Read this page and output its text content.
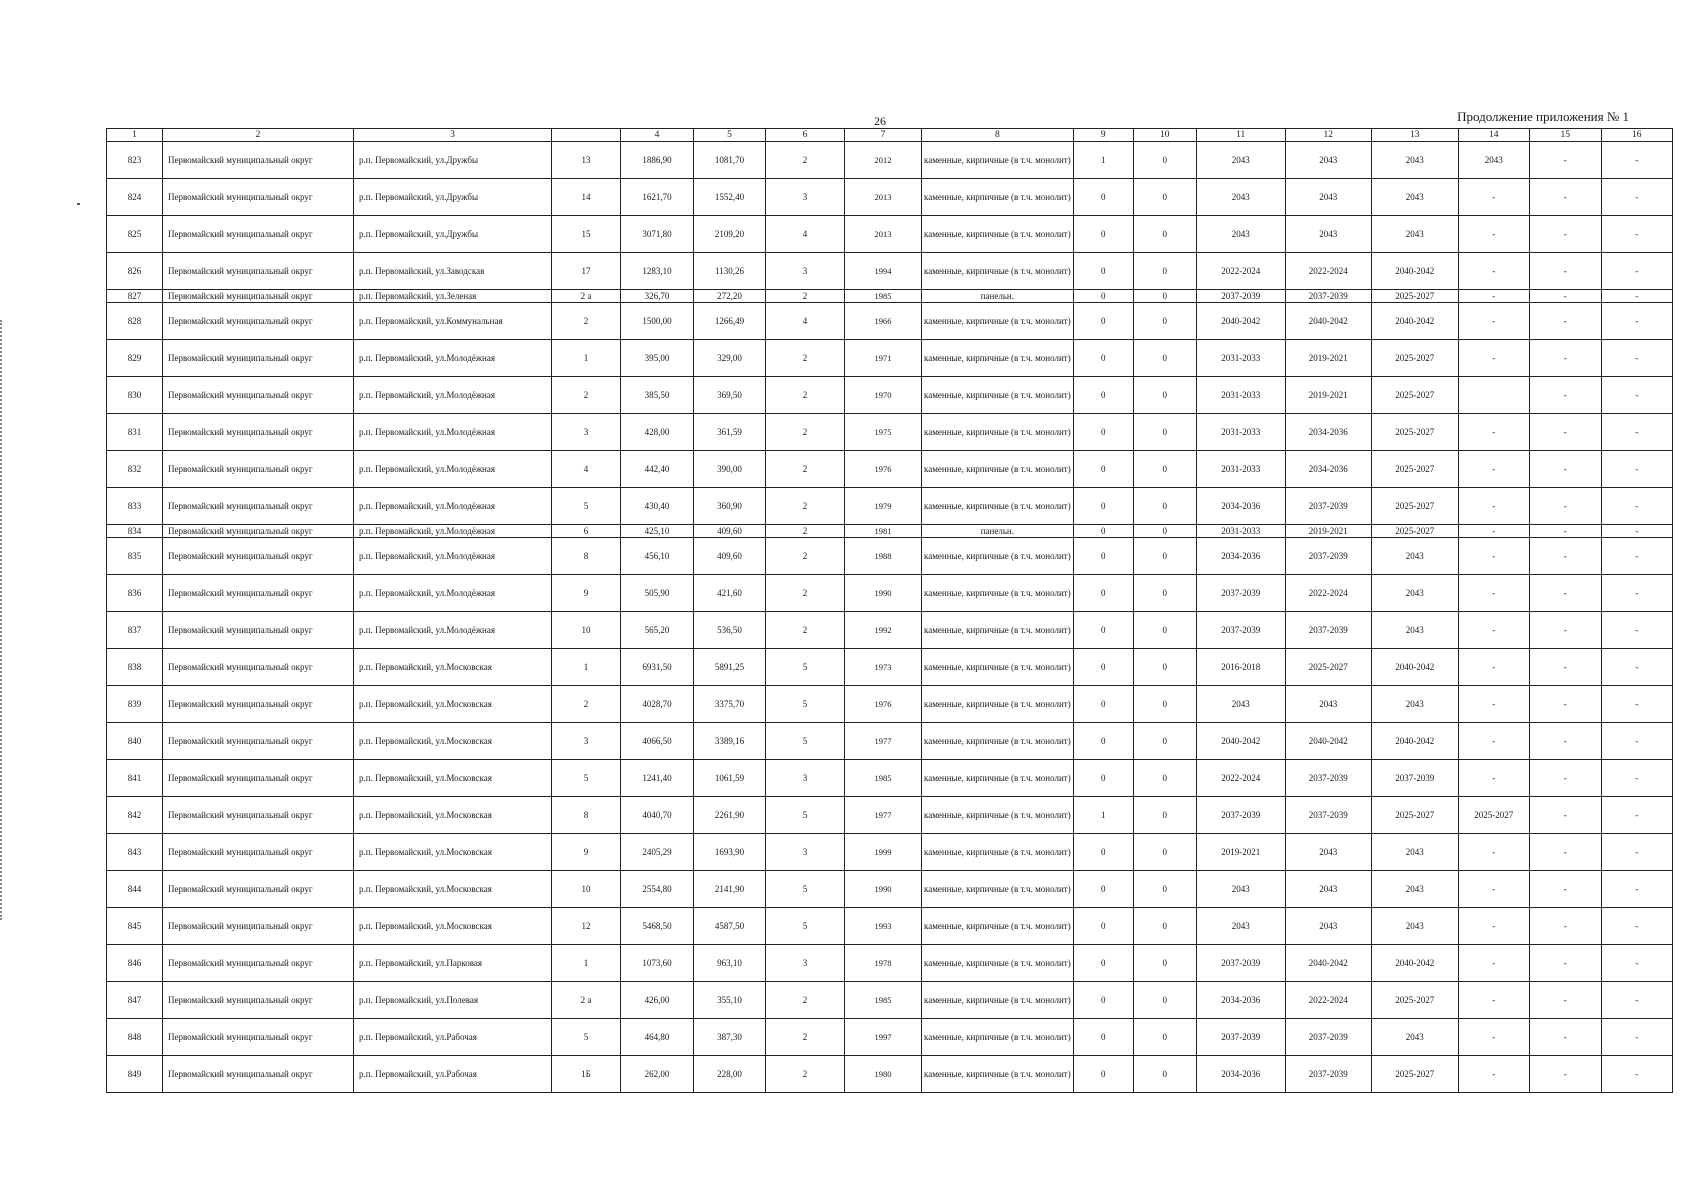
26	Продолжение приложения № 1
1	2	3		4	5	6	7	8	9	10	11	12	13	14	15	16
823	Первомайский муниципальный округ	р.п. Первомайский, ул.Дружбы	13	1886,90	1081,70	2	2012	каменные, кирпичные (в т.ч. монолит)	1	0	2043	2043	2043	2043	-	-
824	Первомайский муниципальный округ	р.п. Первомайский, ул.Дружбы	14	1621,70	1552,40	3	2013	каменные, кирпичные (в т.ч. монолит)	0	0	2043	2043	2043	-	-	-
825	Первомайский муниципальный округ	р.п. Первомайский, ул.Дружбы	15	3071,80	2109,20	4	2013	каменные, кирпичные (в т.ч. монолит)	0	0	2043	2043	2043	-	-	-
826	Первомайский муниципальный округ	р.п. Первомайский, ул.Заводская	17	1283,10	1130,26	3	1994	каменные, кирпичные (в т.ч. монолит)	0	0	2022-2024	2022-2024	2040-2042	-	-	-
827	Первомайский муниципальный округ	р.п. Первомайский, ул.Зеленая	2 а	326,70	272,20	2	1985	панельн.	0	0	2037-2039	2037-2039	2025-2027	-	-	-
828	Первомайский муниципальный округ	р.п. Первомайский, ул.Коммунальная	2	1500,00	1266,49	4	1966	каменные, кирпичные (в т.ч. монолит)	0	0	2040-2042	2040-2042	2040-2042	-	-	-
829	Первомайский муниципальный округ	р.п. Первомайский, ул.Молодёжная	1	395,00	329,00	2	1971	каменные, кирпичные (в т.ч. монолит)	0	0	2031-2033	2019-2021	2025-2027	-	-	-
830	Первомайский муниципальный округ	р.п. Первомайский, ул.Молодёжная	2	385,50	369,50	2	1970	каменные, кирпичные (в т.ч. монолит)	0	0	2031-2033	2019-2021	2025-2027		-	-
831	Первомайский муниципальный округ	р.п. Первомайский, ул.Молодёжная	3	428,00	361,59	2	1975	каменные, кирпичные (в т.ч. монолит)	0	0	2031-2033	2034-2036	2025-2027	-	-	-
832	Первомайский муниципальный округ	р.п. Первомайский, ул.Молодёжная	4	442,40	390,00	2	1976	каменные, кирпичные (в т.ч. монолит)	0	0	2031-2033	2034-2036	2025-2027	-	-	-
833	Первомайский муниципальный округ	р.п. Первомайский, ул.Молодёжная	5	430,40	360,90	2	1979	каменные, кирпичные (в т.ч. монолит)	0	0	2034-2036	2037-2039	2025-2027	-	-	-
834	Первомайский муниципальный округ	р.п. Первомайский, ул.Молодёжная	6	425,10	409,60	2	1981	панельн.	0	0	2031-2033	2019-2021	2025-2027	-	-	-
835	Первомайский муниципальный округ	р.п. Первомайский, ул.Молодёжная	8	456,10	409,60	2	1988	каменные, кирпичные (в т.ч. монолит)	0	0	2034-2036	2037-2039	2043	-	-	-
836	Первомайский муниципальный округ	р.п. Первомайский, ул.Молодёжная	9	505,90	421,60	2	1990	каменные, кирпичные (в т.ч. монолит)	0	0	2037-2039	2022-2024	2043	-	-	-
837	Первомайский муниципальный округ	р.п. Первомайский, ул.Молодёжная	10	565,20	536,50	2	1992	каменные, кирпичные (в т.ч. монолит)	0	0	2037-2039	2037-2039	2043	-	-	-
838	Первомайский муниципальный округ	р.п. Первомайский, ул.Московская	1	6931,50	5891,25	5	1973	каменные, кирпичные (в т.ч. монолит)	0	0	2016-2018	2025-2027	2040-2042	-	-	-
839	Первомайский муниципальный округ	р.п. Первомайский, ул.Московская	2	4028,70	3375,70	5	1976	каменные, кирпичные (в т.ч. монолит)	0	0	2043	2043	2043	-	-	-
840	Первомайский муниципальный округ	р.п. Первомайский, ул.Московская	3	4066,50	3389,16	5	1977	каменные, кирпичные (в т.ч. монолит)	0	0	2040-2042	2040-2042	2040-2042	-	-	-
841	Первомайский муниципальный округ	р.п. Первомайский, ул.Московская	5	1241,40	1061,59	3	1985	каменные, кирпичные (в т.ч. монолит)	0	0	2022-2024	2037-2039	2037-2039	-	-	-
842	Первомайский муниципальный округ	р.п. Первомайский, ул.Московская	8	4040,70	2261,90	5	1977	каменные, кирпичные (в т.ч. монолит)	1	0	2037-2039	2037-2039	2025-2027	2025-2027	-	-
843	Первомайский муниципальный округ	р.п. Первомайский, ул.Московская	9	2405,29	1693,90	3	1999	каменные, кирпичные (в т.ч. монолит)	0	0	2019-2021	2043	2043	-	-	-
844	Первомайский муниципальный округ	р.п. Первомайский, ул.Московская	10	2554,80	2141,90	5	1990	каменные, кирпичные (в т.ч. монолит)	0	0	2043	2043	2043	-	-	-
845	Первомайский муниципальный округ	р.п. Первомайский, ул.Московская	12	5468,50	4587,50	5	1993	каменные, кирпичные (в т.ч. монолит)	0	0	2043	2043	2043	-	-	-
846	Первомайский муниципальный округ	р.п. Первомайский, ул.Парковая	1	1073,60	963,10	3	1978	каменные, кирпичные (в т.ч. монолит)	0	0	2037-2039	2040-2042	2040-2042	-	-	-
847	Первомайский муниципальный округ	р.п. Первомайский, ул.Полевая	2 а	426,00	355,10	2	1985	каменные, кирпичные (в т.ч. монолит)	0	0	2034-2036	2022-2024	2025-2027	-	-	-
848	Первомайский муниципальный округ	р.п. Первомайский, ул.Рабочая	5	464,80	387,30	2	1997	каменные, кирпичные (в т.ч. монолит)	0	0	2037-2039	2037-2039	2043	-	-	-
849	Первомайский муниципальный округ	р.п. Первомайский, ул.Рабочая	1Б	262,00	228,00	2	1980	каменные, кирпичные (в т.ч. монолит)	0	0	2034-2036	2037-2039	2025-2027	-	-	-
